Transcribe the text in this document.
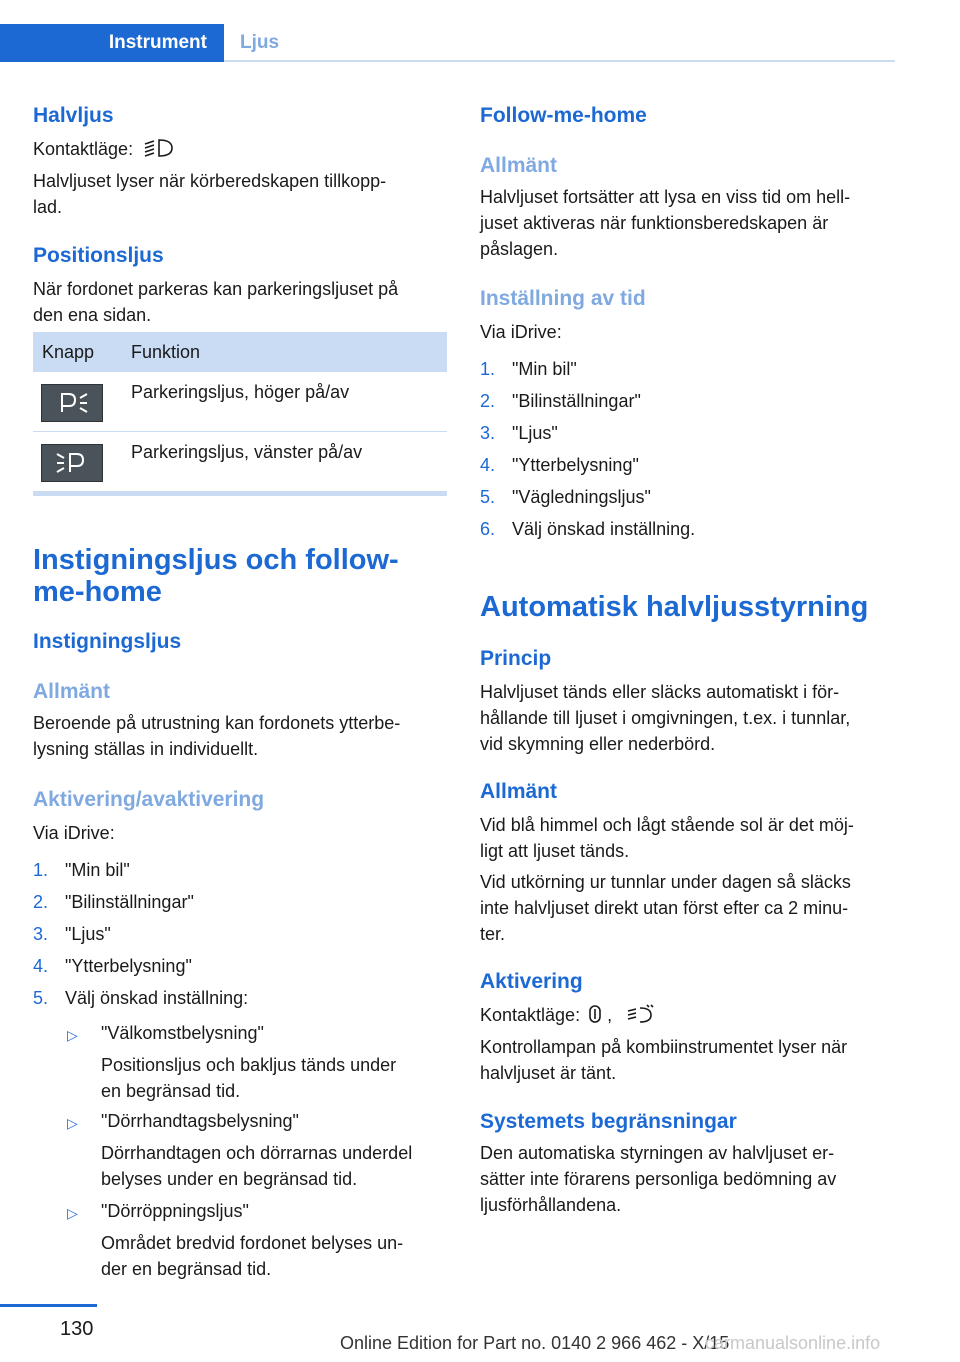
Instrument Ljus
Halvljus
Kontaktläge:
Halvljuset lyser när körberedskapen tillkopp‐
lad.
Positionsljus
När fordonet parkeras kan parkeringsljuset på
den ena sidan.
Knapp Funktion
Parkeringsljus, höger på/av
Parkeringsljus, vänster på/av
Instigningsljus och follow‐
me-home
Instigningsljus
Allmänt
Beroende på utrustning kan fordonets ytterbe‐
lysning ställas in individuellt.
Aktivering/avaktivering
Via iDrive:
1. "Min bil"
2. "Bilinställningar"
3. "Ljus"
4. "Ytterbelysning"
5. Välj önskad inställning:
▷ "Välkomstbelysning"
Positionsljus och bakljus tänds under
en begränsad tid.
▷ "Dörrhandtagsbelysning"
Dörrhandtagen och dörrarnas underdel
belyses under en begränsad tid.
▷ "Dörröppningsljus"
Området bredvid fordonet belyses un‐
der en begränsad tid.
Follow-me-home
Allmänt
Halvljuset fortsätter att lysa en viss tid om hell‐
juset aktiveras när funktionsberedskapen är
påslagen.
Inställning av tid
Via iDrive:
1. "Min bil"
2. "Bilinställningar"
3. "Ljus"
4. "Ytterbelysning"
5. "Vägledningsljus"
6. Välj önskad inställning.
Automatisk halvljusstyrning
Princip
Halvljuset tänds eller släcks automatiskt i för‐
hållande till ljuset i omgivningen, t.ex. i tunnlar,
vid skymning eller nederbörd.
Allmänt
Vid blå himmel och lågt stående sol är det möj‐
ligt att ljuset tänds.
Vid utkörning ur tunnlar under dagen så släcks
inte halvljuset direkt utan först efter ca 2 minu‐
ter.
Aktivering
Kontaktläge: ,
Kontrollampan på kombiinstrumentet lyser när
halvljuset är tänt.
Systemets begränsningar
Den automatiska styrningen av halvljuset er‐
sätter inte förarens personliga bedömning av
ljusförhållandena.
130
Online Edition for Part no. 0140 2 966 462 - X/15
carmanualsonline.info
